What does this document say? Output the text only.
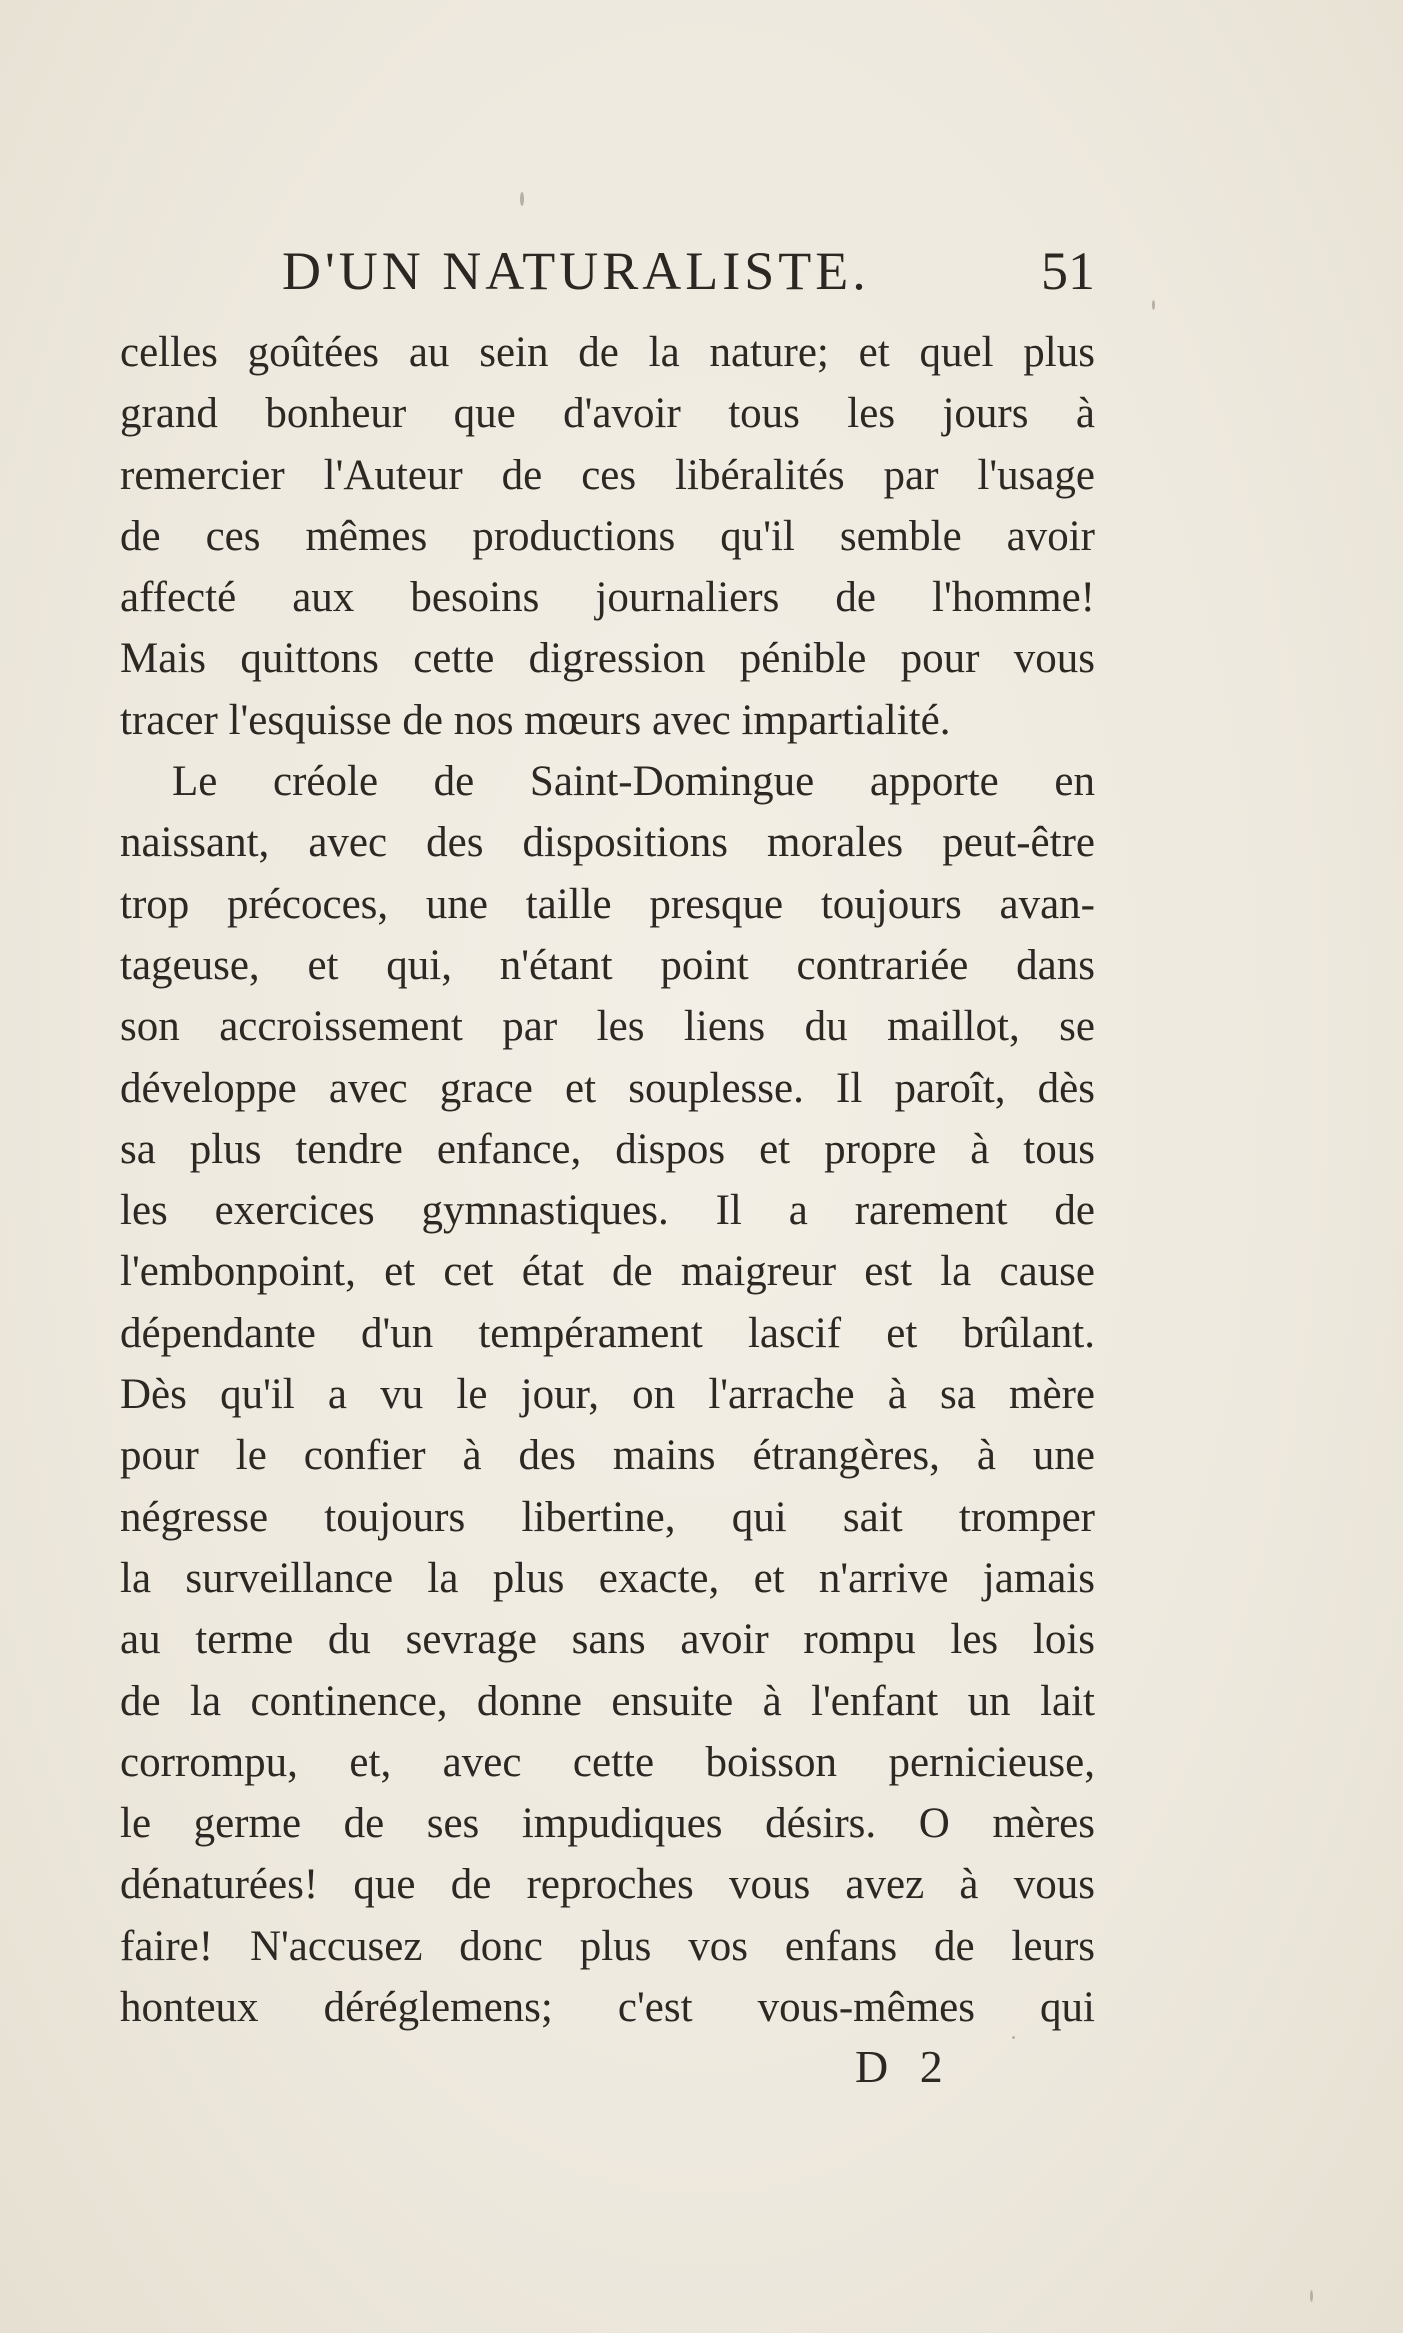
D'UN NATURALISTE.	51
celles goûtées au sein de la nature; et quel plus
grand bonheur que d'avoir tous les jours à
remercier l'Auteur de ces libéralités par l'usage
de ces mêmes productions qu'il semble avoir
affecté aux besoins journaliers de l'homme!
Mais quittons cette digression pénible pour vous
tracer l'esquisse de nos mœurs avec impartialité.
Le créole de Saint-Domingue apporte en
naissant, avec des dispositions morales peut-être
trop précoces, une taille presque toujours avan-
tageuse, et qui, n'étant point contrariée dans
son accroissement par les liens du maillot, se
développe avec grace et souplesse. Il paroît, dès
sa plus tendre enfance, dispos et propre à tous
les exercices gymnastiques. Il a rarement de
l'embonpoint, et cet état de maigreur est la cause
dépendante d'un tempérament lascif et brûlant.
Dès qu'il a vu le jour, on l'arrache à sa mère
pour le confier à des mains étrangères, à une
négresse toujours libertine, qui sait tromper
la surveillance la plus exacte, et n'arrive jamais
au terme du sevrage sans avoir rompu les lois
de la continence, donne ensuite à l'enfant un lait
corrompu, et, avec cette boisson pernicieuse,
le germe de ses impudiques désirs. O mères
dénaturées! que de reproches vous avez à vous
faire! N'accusez donc plus vos enfans de leurs
honteux déréglemens; c'est vous-mêmes qui
D 2
